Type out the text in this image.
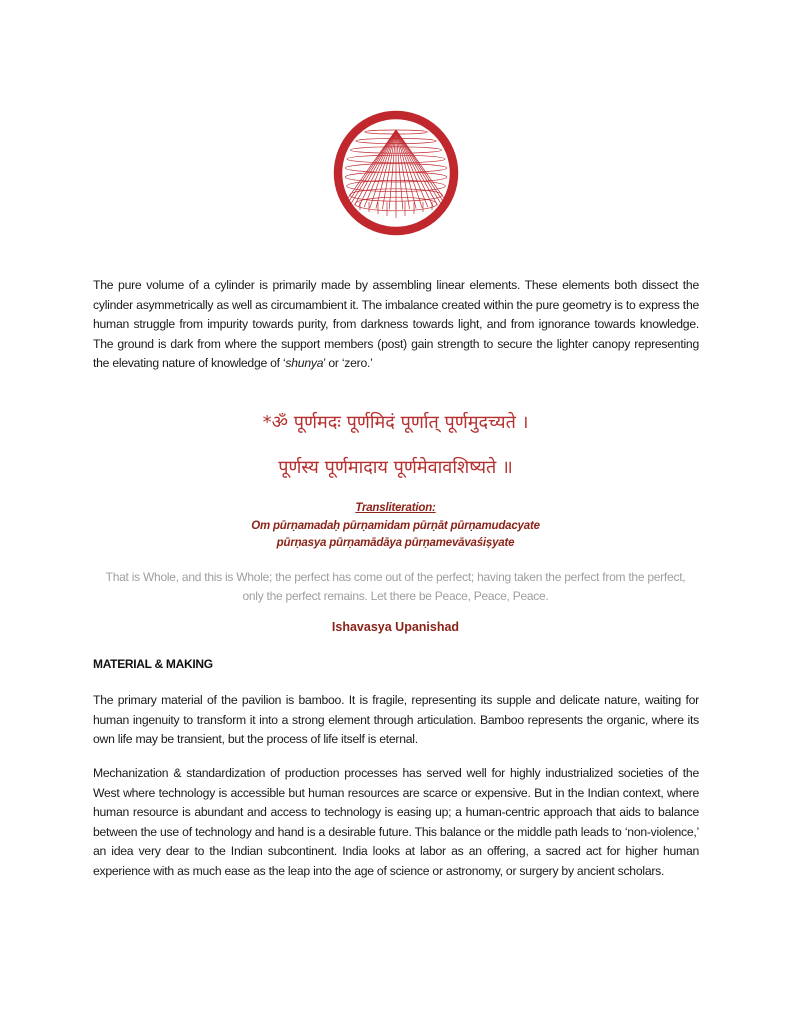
The pure volume of a cylinder is primarily made by assembling linear elements. These elements both dissect the cylinder asymmetrically as well as circumambient it. The imbalance created within the pure geometry is to express the human struggle from impurity towards purity, from darkness towards light, and from ignorance towards knowledge. The ground is dark from where the support members (post) gain strength to secure the lighter canopy representing the elevating nature of knowledge of ‘shunya’ or ‘zero.’

*ॐ पूर्णमदः पूर्णमिदं पूर्णात् पूर्णमुदच्यते ।
पूर्णस्य पूर्णमादाय पूर्णमेवावशिष्यते ॥
Transliteration:
Om pūrṇamadaḥ pūrṇamidam pūrṇāt pūrṇamudacyate
pūrṇasya pūrṇamādāya pūrṇamevāvaśiṣyate
That is Whole, and this is Whole; the perfect has come out of the perfect; having taken the perfect from the perfect,
only the perfect remains. Let there be Peace, Peace, Peace.
Ishavasya Upanishad
MATERIAL & MAKING

The primary material of the pavilion is bamboo. It is fragile, representing its supple and delicate nature, waiting for human ingenuity to transform it into a strong element through articulation. Bamboo represents the organic, where its own life may be transient, but the process of life itself is eternal.

Mechanization & standardization of production processes has served well for highly industrialized societies of the West where technology is accessible but human resources are scarce or expensive. But in the Indian context, where human resource is abundant and access to technology is easing up; a human-centric approach that aids to balance between the use of technology and hand is a desirable future. This balance or the middle path leads to ‘non-violence,’ an idea very dear to the Indian subcontinent. India looks at labor as an offering, a sacred act for higher human experience with as much ease as the leap into the age of science or astronomy, or surgery by ancient scholars.
